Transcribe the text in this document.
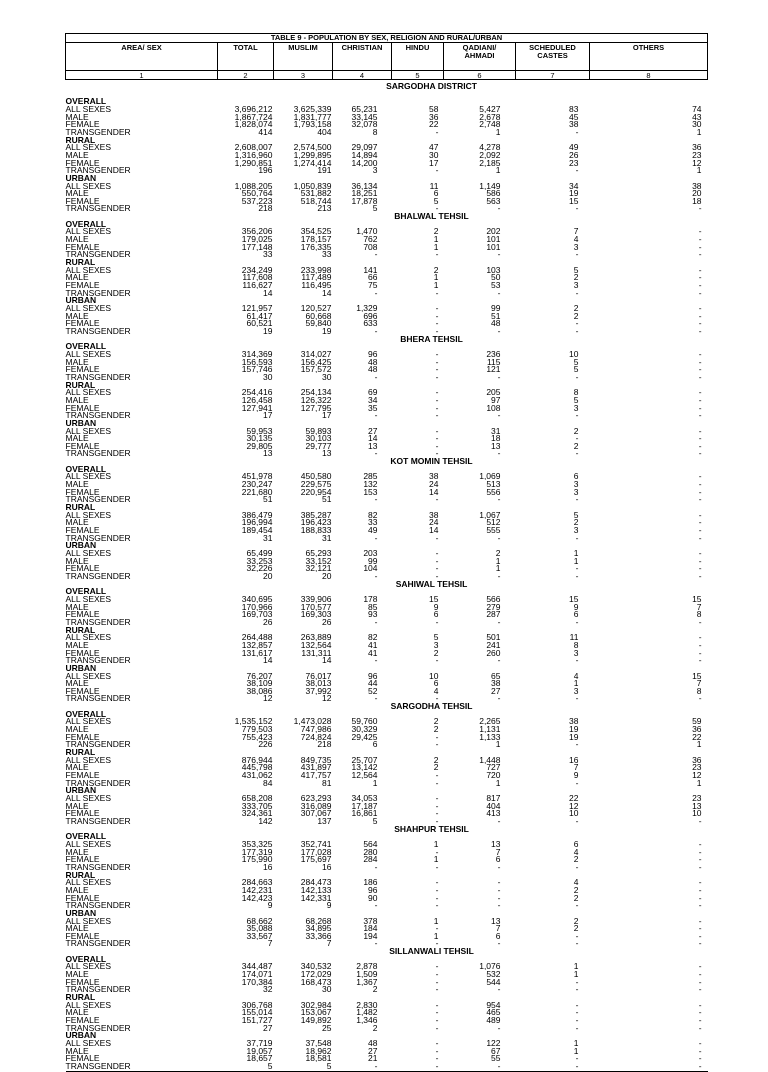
TABLE 9 - POPULATION BY SEX, RELIGION AND RURAL/URBAN							
AREA/ SEX	TOTAL	MUSLIM	CHRISTIAN	HINDU	QADIANI/ AHMADI	SCHEDULED CASTES	OTHERS
1	2	3	4	5	6	7	8

SARGODHA DISTRICT							

OVERALL							
ALL SEXES	3,696,212	3,625,339	65,231	58	5,427	83	74
MALE	1,867,724	1,831,777	33,145	36	2,678	45	43
FEMALE	1,828,074	1,793,158	32,078	22	2,748	38	30
TRANSGENDER	414	404	8	-	1	-	1
RURAL							
ALL SEXES	2,608,007	2,574,500	29,097	47	4,278	49	36
MALE	1,316,960	1,299,895	14,894	30	2,092	26	23
FEMALE	1,290,851	1,274,414	14,200	17	2,185	23	12
TRANSGENDER	196	191	3	-	1	-	1
URBAN							
ALL SEXES	1,088,205	1,050,839	36,134	11	1,149	34	38
MALE	550,764	531,882	18,251	6	586	19	20
FEMALE	537,223	518,744	17,878	5	563	15	18
TRANSGENDER	218	213	5	-	-	-	-
BHALWAL TEHSIL							
OVERALL							
ALL SEXES	356,206	354,525	1,470	2	202	7	-
MALE	179,025	178,157	762	1	101	4	-
FEMALE	177,148	176,335	708	1	101	3	-
TRANSGENDER	33	33	-	-	-	-	-
RURAL							
ALL SEXES	234,249	233,998	141	2	103	5	-
MALE	117,608	117,489	66	1	50	2	-
FEMALE	116,627	116,495	75	1	53	3	-
TRANSGENDER	14	14	-	-	-	-	-
URBAN							
ALL SEXES	121,957	120,527	1,329	-	99	2	-
MALE	61,417	60,668	696	-	51	2	-
FEMALE	60,521	59,840	633	-	48	-	-
TRANSGENDER	19	19	-	-	-	-	-
BHERA TEHSIL							
OVERALL							
ALL SEXES	314,369	314,027	96	-	236	10	-
MALE	156,593	156,425	48	-	115	5	-
FEMALE	157,746	157,572	48	-	121	5	-
TRANSGENDER	30	30	-	-	-	-	-
RURAL							
ALL SEXES	254,416	254,134	69	-	205	8	-
MALE	126,458	126,322	34	-	97	5	-
FEMALE	127,941	127,795	35	-	108	3	-
TRANSGENDER	17	17	-	-	-	-	-
URBAN							
ALL SEXES	59,953	59,893	27	-	31	2	-
MALE	30,135	30,103	14	-	18	-	-
FEMALE	29,805	29,777	13	-	13	2	-
TRANSGENDER	13	13	-	-	-	-	-
KOT MOMIN TEHSIL							
OVERALL							
ALL SEXES	451,978	450,580	285	38	1,069	6	-
MALE	230,247	229,575	132	24	513	3	-
FEMALE	221,680	220,954	153	14	556	3	-
TRANSGENDER	51	51	-	-	-	-	-
RURAL							
ALL SEXES	386,479	385,287	82	38	1,067	5	-
MALE	196,994	196,423	33	24	512	2	-
FEMALE	189,454	188,833	49	14	555	3	-
TRANSGENDER	31	31	-	-	-	-	-
URBAN							
ALL SEXES	65,499	65,293	203	-	2	1	-
MALE	33,253	33,152	99	-	1	1	-
FEMALE	32,226	32,121	104	-	1	-	-
TRANSGENDER	20	20	-	-	-	-	-
SAHIWAL TEHSIL							
OVERALL							
ALL SEXES	340,695	339,906	178	15	566	15	15
MALE	170,966	170,577	85	9	279	9	7
FEMALE	169,703	169,303	93	6	287	6	8
TRANSGENDER	26	26	-	-	-	-	-
RURAL							
ALL SEXES	264,488	263,889	82	5	501	11	-
MALE	132,857	132,564	41	3	241	8	-
FEMALE	131,617	131,311	41	2	260	3	-
TRANSGENDER	14	14	-	-	-	-	-
URBAN							
ALL SEXES	76,207	76,017	96	10	65	4	15
MALE	38,109	38,013	44	6	38	1	7
FEMALE	38,086	37,992	52	4	27	3	8
TRANSGENDER	12	12	-	-	-	-	-
SARGODHA TEHSIL							
OVERALL							
ALL SEXES	1,535,152	1,473,028	59,760	2	2,265	38	59
MALE	779,503	747,986	30,329	2	1,131	19	36
FEMALE	755,423	724,824	29,425	-	1,133	19	22
TRANSGENDER	226	218	6	-	1	-	1
RURAL							
ALL SEXES	876,944	849,735	25,707	2	1,448	16	36
MALE	445,798	431,897	13,142	2	727	7	23
FEMALE	431,062	417,757	12,564	-	720	9	12
TRANSGENDER	84	81	1	-	1	-	1
URBAN							
ALL SEXES	658,208	623,293	34,053	-	817	22	23
MALE	333,705	316,089	17,187	-	404	12	13
FEMALE	324,361	307,067	16,861	-	413	10	10
TRANSGENDER	142	137	5	-	-	-	-
SHAHPUR TEHSIL							
OVERALL							
ALL SEXES	353,325	352,741	564	1	13	6	-
MALE	177,319	177,028	280	-	7	4	-
FEMALE	175,990	175,697	284	1	6	2	-
TRANSGENDER	16	16	-	-	-	-	-
RURAL							
ALL SEXES	284,663	284,473	186	-	-	4	-
MALE	142,231	142,133	96	-	-	2	-
FEMALE	142,423	142,331	90	-	-	2	-
TRANSGENDER	9	9	-	-	-	-	-
URBAN							
ALL SEXES	68,662	68,268	378	1	13	2	-
MALE	35,088	34,895	184	-	7	2	-
FEMALE	33,567	33,366	194	1	6	-	-
TRANSGENDER	7	7	-	-	-	-	-
SILLANWALI TEHSIL							
OVERALL							
ALL SEXES	344,487	340,532	2,878	-	1,076	1	-
MALE	174,071	172,029	1,509	-	532	1	-
FEMALE	170,384	168,473	1,367	-	544	-	-
TRANSGENDER	32	30	2	-	-	-	-
RURAL							
ALL SEXES	306,768	302,984	2,830	-	954	-	-
MALE	155,014	153,067	1,482	-	465	-	-
FEMALE	151,727	149,892	1,346	-	489	-	-
TRANSGENDER	27	25	2	-	-	-	-
URBAN							
ALL SEXES	37,719	37,548	48	-	122	1	-
MALE	19,057	18,962	27	-	67	1	-
FEMALE	18,657	18,581	21	-	55	-	-
TRANSGENDER	5	5	-	-	-	-	-
